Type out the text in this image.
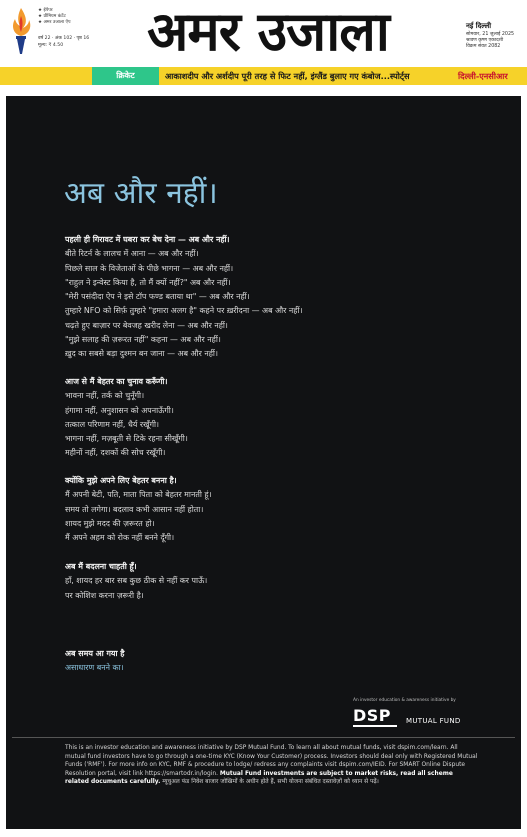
★ ईपेपर
★ प्रीमियम कंटेंट
★ अमर उजाला ऐप
वर्ष 22 · अंक 102 · पृष्ठ 16
मूल्य: ₹ 4.50	अमर उजाला	नई दिल्ली
सोमवार, 21 जुलाई 2025
श्रावण कृष्ण एकादशी
विक्रम संवत 2082
क्रिकेट	आकाशदीप और अर्शदीप पूरी तरह से फिट नहीं, इंग्लैंड बुलाए गए कंबोज...स्पोर्ट्स	दिल्ली-एनसीआर
अब और नहीं।
पहली ही गिरावट में घबरा कर बेच देना — अब और नहीं।
बीते रिटर्न के लालच में आना — अब और नहीं।
पिछले साल के विजेताओं के पीछे भागना — अब और नहीं।
"राहुल ने इन्वेस्ट किया है, तो मैं क्यों नहीं?" अब और नहीं।
"मेरी पसंदीदा ऐप ने इसे टॉप फण्ड बताया था" — अब और नहीं।
तुम्हारे NFO को सिर्फ़ तुम्हारे "हमारा अलग है" कहने पर ख़रीदना — अब और नहीं।
चढ़ते हुए बाज़ार पर बेवजह खरीद लेना — अब और नहीं।
"मुझे सलाह की ज़रूरत नहीं" कहना — अब और नहीं।
ख़ुद का सबसे बड़ा दुश्मन बन जाना — अब और नहीं।
आज से मैं बेहतर का चुनाव करूँगी।
भावना नहीं, तर्क को चुनूँगी।
हंगामा नहीं, अनुशासन को अपनाऊँगी।
तत्काल परिणाम नहीं, धैर्य रखूँगी।
भागना नहीं, मज़बूती से टिके रहना सीखूँगी।
महीनों नहीं, दशकों की सोच रखूँगी।
क्योंकि मुझे अपने लिए बेहतर बनना है।
मैं अपनी बेटी, पति, माता पिता को बेहतर मानती हूं।
समय तो लगेगा। बदलाव कभी आसान नहीं होता।
शायद मुझे मदद की ज़रूरत हो।
मैं अपने अहम को रोक नहीं बनने दूँगी।
अब मैं बदलना चाहती हूँ।
हाँ, शायद हर बार सब कुछ ठीक से नहीं कर पाऊँ।
पर कोशिश करना ज़रूरी है।
अब समय आ गया है
असाधारण बनने का।
An investor education & awareness initiative by
DSP MUTUAL FUND
This is an investor education and awareness initiative by DSP Mutual Fund. To learn all about mutual funds, visit dspim.com/learn. All mutual fund investors have to go through a one-time KYC (Know Your Customer) process. Investors should deal only with Registered Mutual Funds ('RMF'). For more info on KYC, RMF & procedure to lodge/ redress any complaints visit dspim.com/IEID. For SMART Online Dispute Resolution portal, visit link https://smartodr.in/login. Mutual Fund investments are subject to market risks, read all scheme related documents carefully. म्यूचुअल फंड निवेश बाजार जोखिमों के अधीन होते हैं, सभी योजना संबंधित दस्तावेज़ों को ध्यान से पढ़ें।
